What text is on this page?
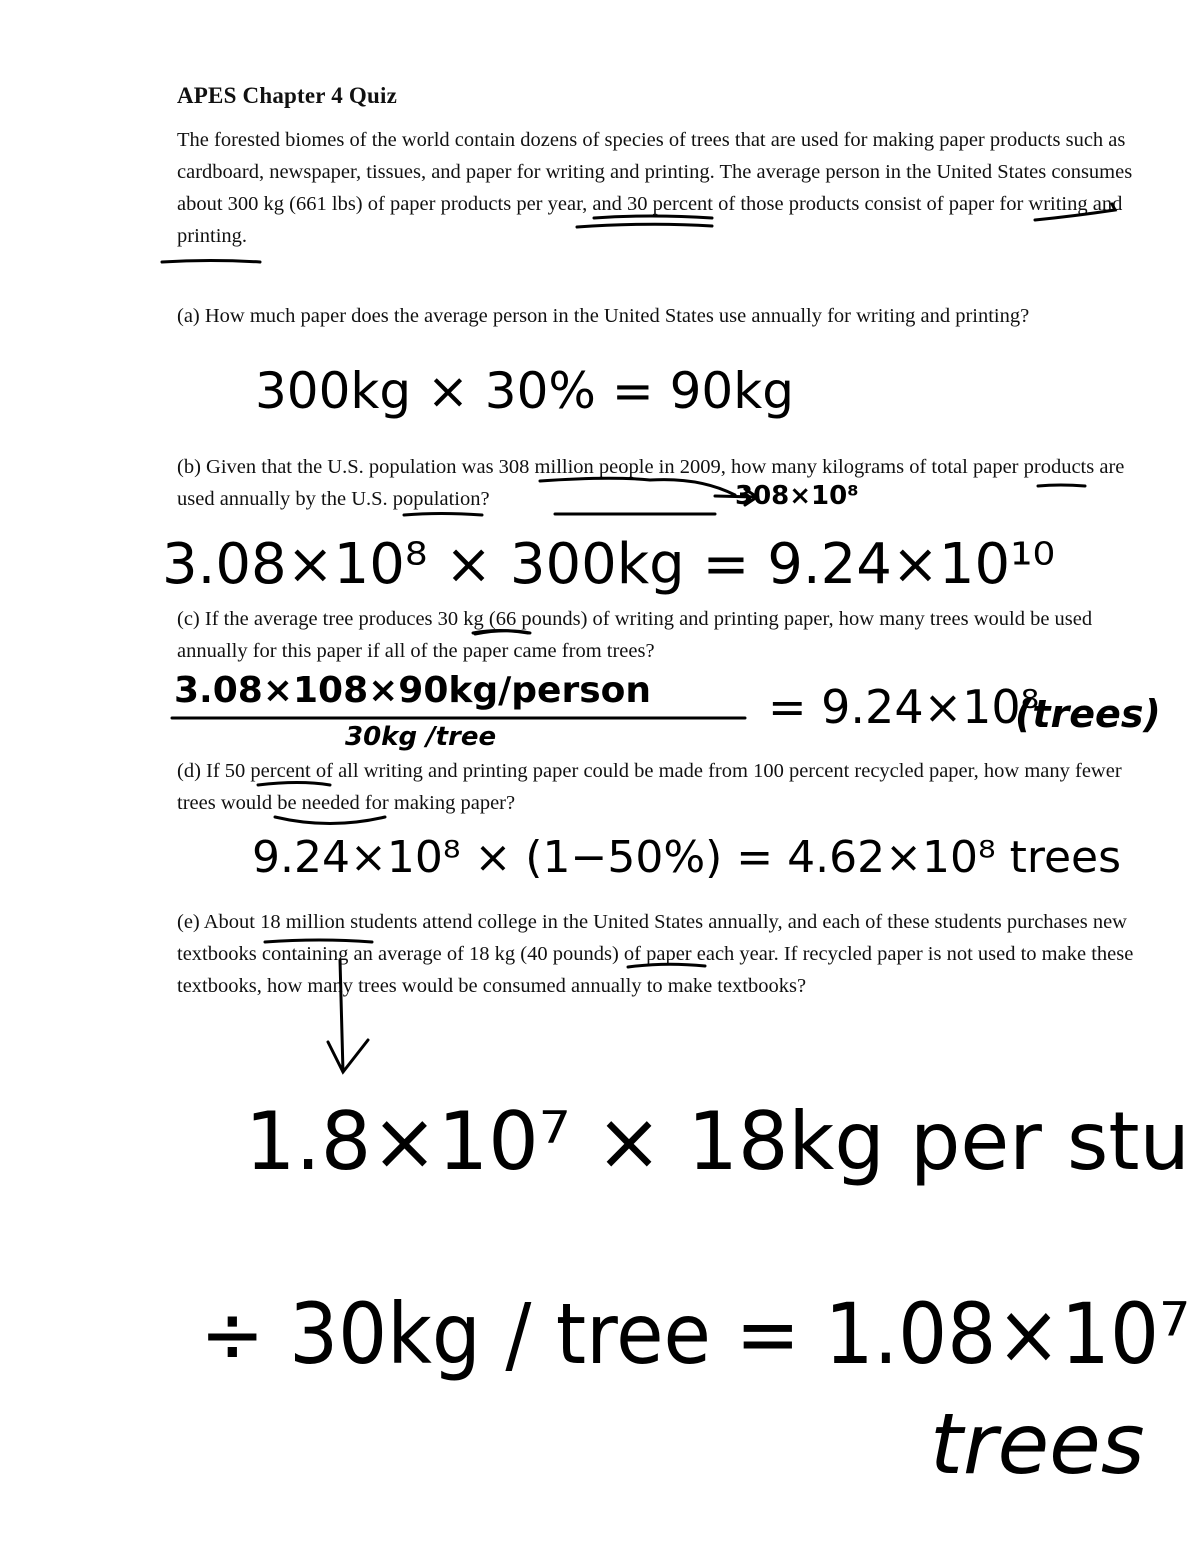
APES Chapter 4 Quiz

The forested biomes of the world contain dozens of species of trees that are used for making paper products such as cardboard, newspaper, tissues, and paper for writing and printing. The average person in the United States consumes about 300 kg (661 lbs) of paper products per year, and 30 percent of those products consist of paper for writing and printing.

(a) How much paper does the average person in the United States use annually for writing and printing?

300kg × 30% = 90kg

(b) Given that the U.S. population was 308 million people in 2009, how many kilograms of total paper products are used annually by the U.S. population?	308×10⁸
3.08×10⁸ × 300kg = 9.24×10¹⁰

(c) If the average tree produces 30 kg (66 pounds) of writing and printing paper, how many trees would be used annually for this paper if all of the paper came from trees?

3.08×108×90kg/person
30kg /tree
= 9.24×10⁸
(trees)

(d) If 50 percent of all writing and printing paper could be made from 100 percent recycled paper, how many fewer trees would be needed for making paper?

9.24×10⁸ × (1−50%) = 4.62×10⁸ trees

(e) About 18 million students attend college in the United States annually, and each of these students purchases new textbooks containing an average of 18 kg (40 pounds) of paper each year. If recycled paper is not used to make these textbooks, how many trees would be consumed annually to make textbooks?

1.8×10⁷ × 18kg per stu
÷ 30kg / tree = 1.08×10⁷
trees
